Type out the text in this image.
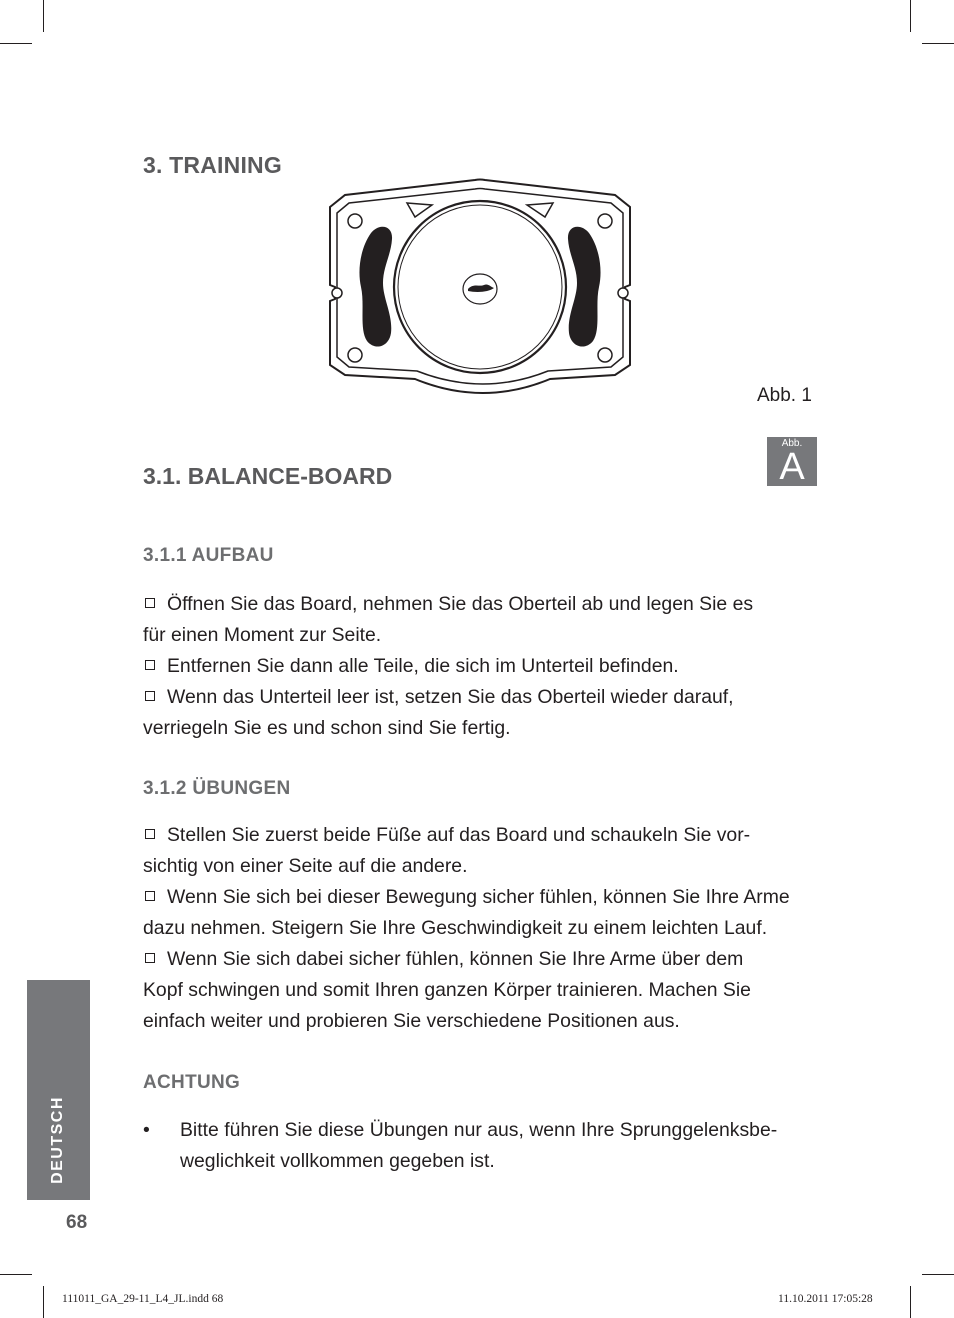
3. TRAINING
Abb. 1
Abb.
A
3.1. BALANCE-BOARD
3.1.1 AUFBAU
Öffnen Sie das Board, nehmen Sie das Oberteil ab und legen Sie es
für einen Moment zur Seite.
Entfernen Sie dann alle Teile, die sich im Unterteil befinden.
Wenn das Unterteil leer ist, setzen Sie das Oberteil wieder darauf,
verriegeln Sie es und schon sind Sie fertig.
3.1.2 ÜBUNGEN
Stellen Sie zuerst beide Füße auf das Board und schaukeln Sie vor-
sichtig von einer Seite auf die andere.
Wenn Sie sich bei dieser Bewegung sicher fühlen, können Sie Ihre Arme
dazu nehmen. Steigern Sie Ihre Geschwindigkeit zu einem leichten Lauf.
Wenn Sie sich dabei sicher fühlen, können Sie Ihre Arme über dem
Kopf schwingen und somit Ihren ganzen Körper trainieren. Machen Sie
einfach weiter und probieren Sie verschiedene Positionen aus.
ACHTUNG
• Bitte führen Sie diese Übungen nur aus, wenn Ihre Sprunggelenksbe-
weglichkeit vollkommen gegeben ist.
DEUTSCH
68
111011_GA_29-11_L4_JL.indd 68	11.10.2011 17:05:28
